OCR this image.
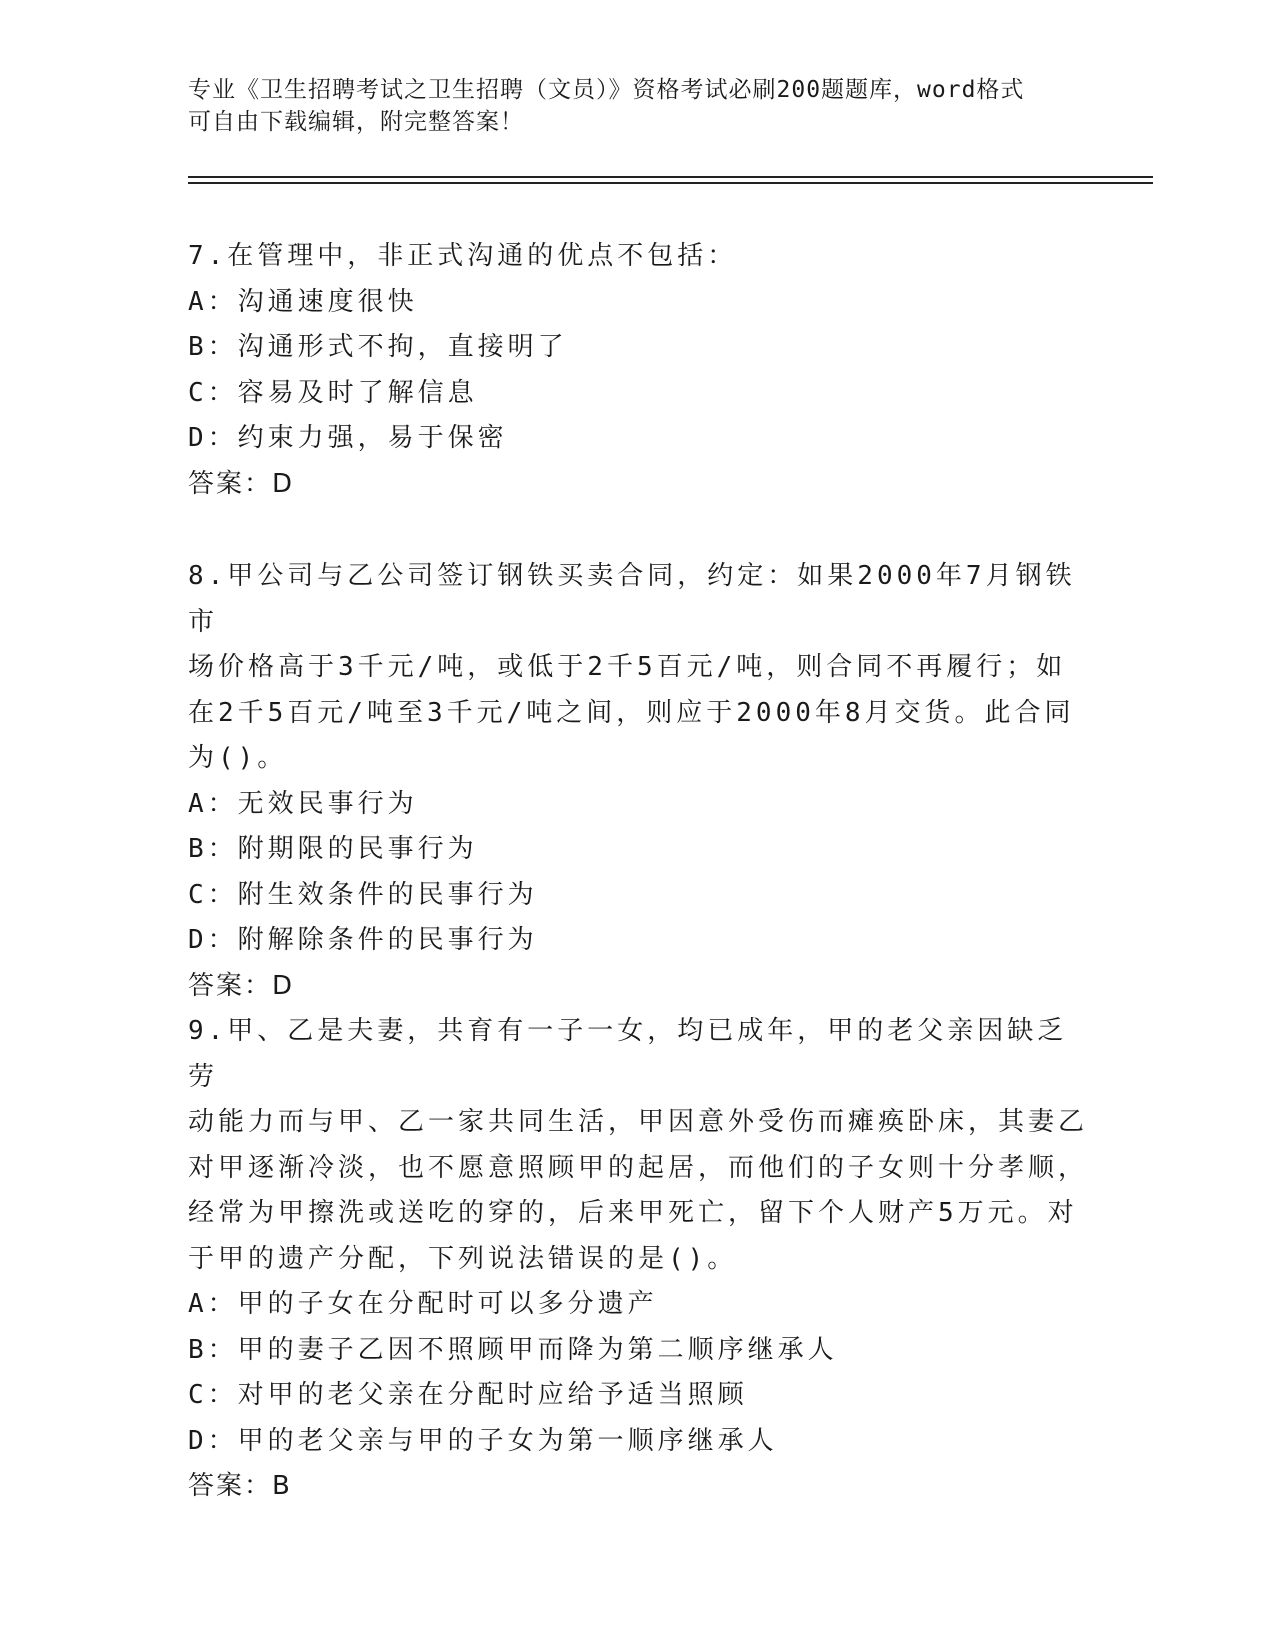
专业《卫生招聘考试之卫生招聘（文员）》资格考试必刷200题题库，word格式
可自由下载编辑，附完整答案！

7.在管理中，非正式沟通的优点不包括：

A：沟通速度很快

B：沟通形式不拘，直接明了

C：容易及时了解信息

D：约束力强，易于保密

答案：D

8.甲公司与乙公司签订钢铁买卖合同，约定：如果2000年7月钢铁市

场价格高于3千元/吨，或低于2千5百元/吨，则合同不再履行；如

在2千5百元/吨至3千元/吨之间，则应于2000年8月交货。此合同

为()。

A：无效民事行为

B：附期限的民事行为

C：附生效条件的民事行为

D：附解除条件的民事行为

答案：D

9.甲、乙是夫妻，共育有一子一女，均已成年，甲的老父亲因缺乏劳

动能力而与甲、乙一家共同生活，甲因意外受伤而瘫痪卧床，其妻乙

对甲逐渐冷淡，也不愿意照顾甲的起居，而他们的子女则十分孝顺，

经常为甲擦洗或送吃的穿的，后来甲死亡，留下个人财产5万元。对

于甲的遗产分配，下列说法错误的是()。

A：甲的子女在分配时可以多分遗产

B：甲的妻子乙因不照顾甲而降为第二顺序继承人

C：对甲的老父亲在分配时应给予适当照顾

D：甲的老父亲与甲的子女为第一顺序继承人

答案：B
